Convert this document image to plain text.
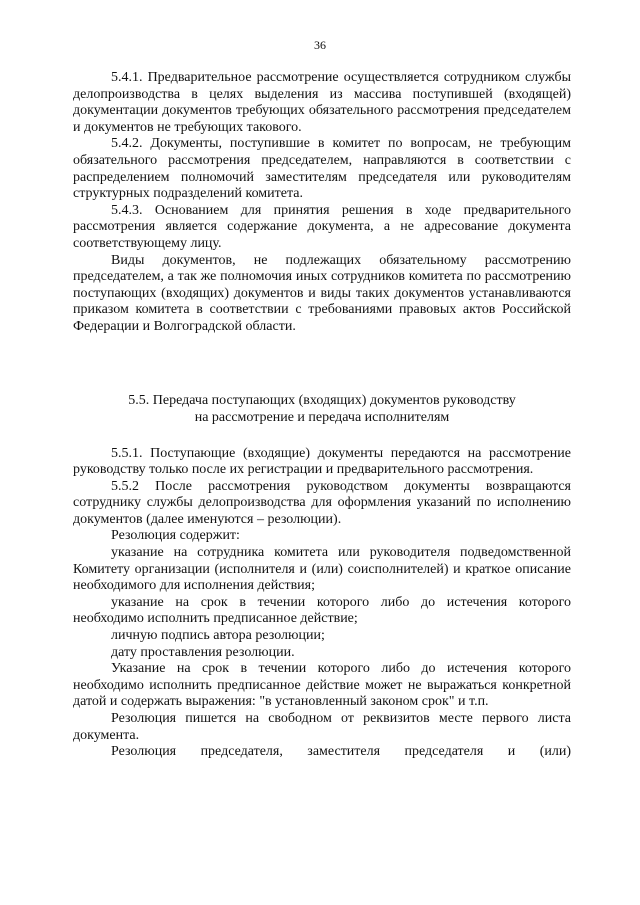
36

5.4.1. Предварительное рассмотрение осуществляется сотрудником службы делопроизводства в целях выделения из массива поступившей (входящей) документации документов требующих обязательного рассмотрения председателем и документов не требующих такового.

5.4.2. Документы, поступившие в комитет по вопросам, не требующим обязательного рассмотрения председателем, направляются в соответствии с распределением полномочий заместителям председателя или руководителям структурных подразделений комитета.

5.4.3. Основанием для принятия решения в ходе предварительного рассмотрения является содержание документа, а не адресование документа соответствующему лицу.

Виды документов, не подлежащих обязательному рассмотрению председателем, а так же полномочия иных сотрудников комитета по рассмотрению поступающих (входящих) документов и виды таких документов устанавливаются приказом комитета в соответствии с требованиями правовых актов Российской Федерации и Волгоградской области.

5.5. Передача поступающих (входящих) документов руководству
на рассмотрение и передача исполнителям

5.5.1. Поступающие (входящие) документы передаются на рассмотрение руководству только после их регистрации и предварительного рассмотрения.

5.5.2 После рассмотрения руководством документы возвращаются сотруднику службы делопроизводства для оформления указаний по исполнению документов (далее именуются – резолюции).

Резолюция содержит:

указание на сотрудника комитета или руководителя подведомственной Комитету организации (исполнителя и (или) соисполнителей) и краткое описание необходимого для исполнения действия;

указание на срок в течении которого либо до истечения которого необходимо исполнить предписанное действие;

личную подпись автора резолюции;

дату проставления резолюции.

Указание на срок в течении которого либо до истечения которого необходимо исполнить предписанное действие может не выражаться конкретной датой и содержать выражения: "в установленный законом срок" и т.п.

Резолюция пишется на свободном от реквизитов месте первого листа документа.

Резолюция председателя, заместителя председателя и (или)
